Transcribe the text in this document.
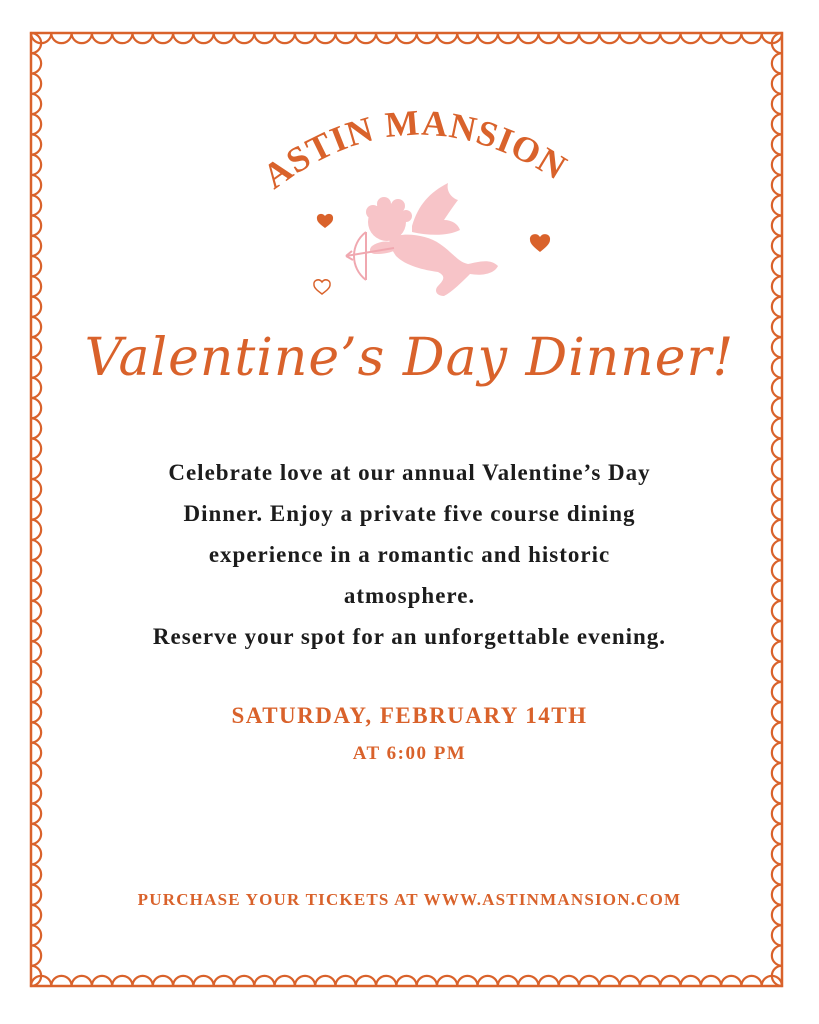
ASTIN MANSION
Valentine’s Day Dinner!
Celebrate love at our annual Valentine’s Day
Dinner. Enjoy a private five course dining
experience in a romantic and historic
atmosphere.
Reserve your spot for an unforgettable evening.
SATURDAY, FEBRUARY 14TH
AT 6:00 PM
PURCHASE YOUR TICKETS AT WWW.ASTINMANSION.COM
